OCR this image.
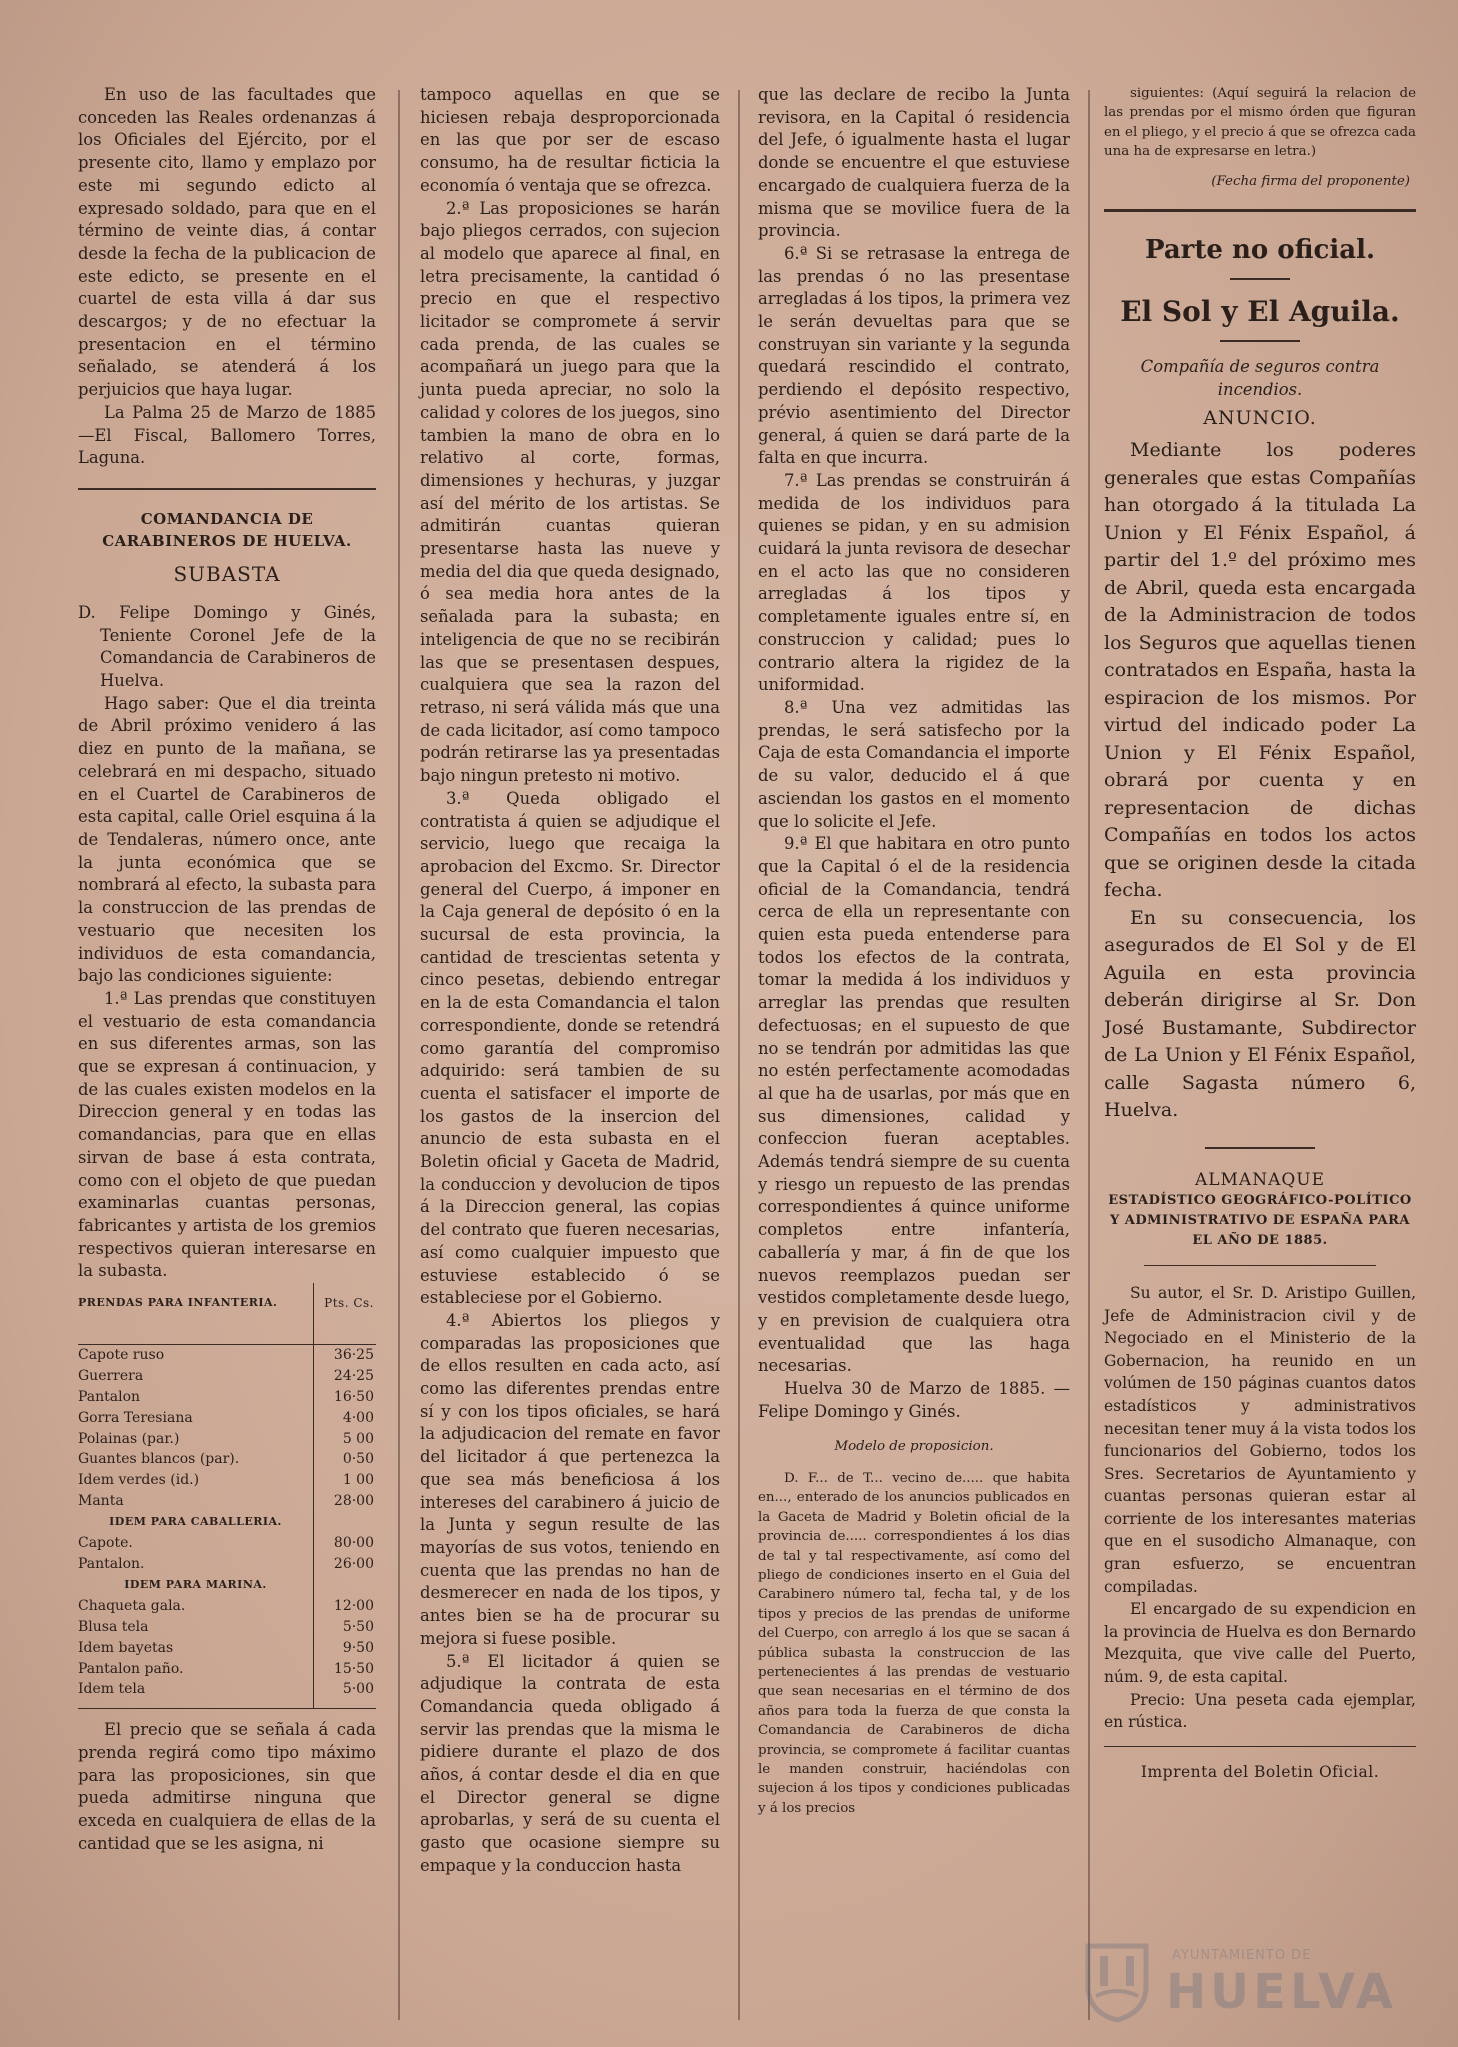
En uso de las facultades que conceden las Reales ordenanzas á los Oficiales del Ejército, por el presente cito, llamo y emplazo por este mi segundo edicto al expresado soldado, para que en el término de veinte dias, á contar desde la fecha de la publicacion de este edicto, se presente en el cuartel de esta villa á dar sus descargos; y de no efectuar la presentacion en el término señalado, se atenderá á los perjuicios que haya lugar.

La Palma 25 de Marzo de 1885 —El Fiscal, Ballomero Torres, Laguna.

COMANDANCIA DE CARABINEROS DE HUELVA.
SUBASTA

D. Felipe Domingo y Ginés, Teniente Coronel Jefe de la Comandancia de Carabineros de Huelva.

Hago saber: Que el dia treinta de Abril próximo venidero á las diez en punto de la mañana, se celebrará en mi despacho, situado en el Cuartel de Carabineros de esta capital, calle Oriel esquina á la de Tendaleras, número once, ante la junta económica que se nombrará al efecto, la subasta para la construccion de las prendas de vestuario que necesiten los individuos de esta comandancia, bajo las condiciones siguiente:

1.ª Las prendas que constituyen el vestuario de esta comandancia en sus diferentes armas, son las que se expresan á continuacion, y de las cuales existen modelos en la Direccion general y en todas las comandancias, para que en ellas sirvan de base á esta contrata, como con el objeto de que puedan examinarlas cuantas personas, fabricantes y artista de los gremios respectivos quieran interesarse en la subasta.

PRENDAS PARA INFANTERIA.	Pts. Cs.
Capote ruso	36·25
Guerrera	24·25
Pantalon	16·50
Gorra Teresiana	4·00
Polainas (par.)	5 00
Guantes blancos (par).	0·50
Idem verdes (id.)	1 00
Manta	28·00
IDEM PARA CABALLERIA.	
Capote.	80·00
Pantalon.	26·00
IDEM PARA MARINA.	
Chaqueta gala.	12·00
Blusa tela	5·50
Idem bayetas	9·50
Pantalon paño.	15·50
Idem tela	5·00

El precio que se señala á cada prenda regirá como tipo máximo para las proposiciones, sin que pueda admitirse ninguna que exceda en cualquiera de ellas de la cantidad que se les asigna, ni

tampoco aquellas en que se hiciesen rebaja desproporcionada en las que por ser de escaso consumo, ha de resultar ficticia la economía ó ventaja que se ofrezca.

2.ª Las proposiciones se harán bajo pliegos cerrados, con sujecion al modelo que aparece al final, en letra precisamente, la cantidad ó precio en que el respectivo licitador se compromete á servir cada prenda, de las cuales se acompañará un juego para que la junta pueda apreciar, no solo la calidad y colores de los juegos, sino tambien la mano de obra en lo relativo al corte, formas, dimensiones y hechuras, y juzgar así del mérito de los artistas. Se admitirán cuantas quieran presentarse hasta las nueve y media del dia que queda designado, ó sea media hora antes de la señalada para la subasta; en inteligencia de que no se recibirán las que se presentasen despues, cualquiera que sea la razon del retraso, ni será válida más que una de cada licitador, así como tampoco podrán retirarse las ya presentadas bajo ningun pretesto ni motivo.

3.ª Queda obligado el contratista á quien se adjudique el servicio, luego que recaiga la aprobacion del Excmo. Sr. Director general del Cuerpo, á imponer en la Caja general de depósito ó en la sucursal de esta provincia, la cantidad de trescientas setenta y cinco pesetas, debiendo entregar en la de esta Comandancia el talon correspondiente, donde se retendrá como garantía del compromiso adquirido: será tambien de su cuenta el satisfacer el importe de los gastos de la insercion del anuncio de esta subasta en el Boletin oficial y Gaceta de Madrid, la conduccion y devolucion de tipos á la Direccion general, las copias del contrato que fueren necesarias, así como cualquier impuesto que estuviese establecido ó se estableciese por el Gobierno.

4.ª Abiertos los pliegos y comparadas las proposiciones que de ellos resulten en cada acto, así como las diferentes prendas entre sí y con los tipos oficiales, se hará la adjudicacion del remate en favor del licitador á que pertenezca la que sea más beneficiosa á los intereses del carabinero á juicio de la Junta y segun resulte de las mayorías de sus votos, teniendo en cuenta que las prendas no han de desmerecer en nada de los tipos, y antes bien se ha de procurar su mejora si fuese posible.

5.ª El licitador á quien se adjudique la contrata de esta Comandancia queda obligado á servir las prendas que la misma le pidiere durante el plazo de dos años, á contar desde el dia en que el Director general se digne aprobarlas, y será de su cuenta el gasto que ocasione siempre su empaque y la conduccion hasta

que las declare de recibo la Junta revisora, en la Capital ó residencia del Jefe, ó igualmente hasta el lugar donde se encuentre el que estuviese encargado de cualquiera fuerza de la misma que se movilice fuera de la provincia.

6.ª Si se retrasase la entrega de las prendas ó no las presentase arregladas á los tipos, la primera vez le serán devueltas para que se construyan sin variante y la segunda quedará rescindido el contrato, perdiendo el depósito respectivo, prévio asentimiento del Director general, á quien se dará parte de la falta en que incurra.

7.ª Las prendas se construirán á medida de los individuos para quienes se pidan, y en su admision cuidará la junta revisora de desechar en el acto las que no consideren arregladas á los tipos y completamente iguales entre sí, en construccion y calidad; pues lo contrario altera la rigidez de la uniformidad.

8.ª Una vez admitidas las prendas, le será satisfecho por la Caja de esta Comandancia el importe de su valor, deducido el á que asciendan los gastos en el momento que lo solicite el Jefe.

9.ª El que habitara en otro punto que la Capital ó el de la residencia oficial de la Comandancia, tendrá cerca de ella un representante con quien esta pueda entenderse para todos los efectos de la contrata, tomar la medida á los individuos y arreglar las prendas que resulten defectuosas; en el supuesto de que no se tendrán por admitidas las que no estén perfectamente acomodadas al que ha de usarlas, por más que en sus dimensiones, calidad y confeccion fueran aceptables. Además tendrá siempre de su cuenta y riesgo un repuesto de las prendas correspondientes á quince uniforme completos entre infantería, caballería y mar, á fin de que los nuevos reemplazos puedan ser vestidos completamente desde luego, y en prevision de cualquiera otra eventualidad que las haga necesarias.

Huelva 30 de Marzo de 1885. —Felipe Domingo y Ginés.

Modelo de proposicion.

D. F... de T... vecino de..... que habita en..., enterado de los anuncios publicados en la Gaceta de Madrid y Boletin oficial de la provincia de..... correspondientes á los dias de tal y tal respectivamente, así como del pliego de condiciones inserto en el Guia del Carabinero número tal, fecha tal, y de los tipos y precios de las prendas de uniforme del Cuerpo, con arreglo á los que se sacan á pública subasta la construccion de las pertenecientes á las prendas de vestuario que sean necesarias en el término de dos años para toda la fuerza de que consta la Comandancia de Carabineros de dicha provincia, se compromete á facilitar cuantas le manden construir, haciéndolas con sujecion á los tipos y condiciones publicadas y á los precios

siguientes: (Aquí seguirá la relacion de las prendas por el mismo órden que figuran en el pliego, y el precio á que se ofrezca cada una ha de expresarse en letra.)

(Fecha firma del proponente)

Parte no oficial.
El Sol y El Aguila.

Compañía de seguros contra incendios.

ANUNCIO.

Mediante los poderes generales que estas Compañías han otorgado á la titulada La Union y El Fénix Español, á partir del 1.º del próximo mes de Abril, queda esta encargada de la Administracion de todos los Seguros que aquellas tienen contratados en España, hasta la espiracion de los mismos. Por virtud del indicado poder La Union y El Fénix Español, obrará por cuenta y en representacion de dichas Compañías en todos los actos que se originen desde la citada fecha.

En su consecuencia, los asegurados de El Sol y de El Aguila en esta provincia deberán dirigirse al Sr. Don José Bustamante, Subdirector de La Union y El Fénix Español, calle Sagasta número 6, Huelva.

ALMANAQUE
ESTADÍSTICO GEOGRÁFICO-POLÍTICO Y ADMINISTRATIVO DE ESPAÑA PARA EL AÑO DE 1885.

Su autor, el Sr. D. Aristipo Guillen, Jefe de Administracion civil y de Negociado en el Ministerio de la Gobernacion, ha reunido en un volúmen de 150 páginas cuantos datos estadísticos y administrativos necesitan tener muy á la vista todos los funcionarios del Gobierno, todos los Sres. Secretarios de Ayuntamiento y cuantas personas quieran estar al corriente de los interesantes materias que en el susodicho Almanaque, con gran esfuerzo, se encuentran compiladas.

El encargado de su expendicion en la provincia de Huelva es don Bernardo Mezquita, que vive calle del Puerto, núm. 9, de esta capital.

Precio: Una peseta cada ejemplar, en rústica.

Imprenta del Boletin Oficial.

AYUNTAMIENTO DE
HUELVA
